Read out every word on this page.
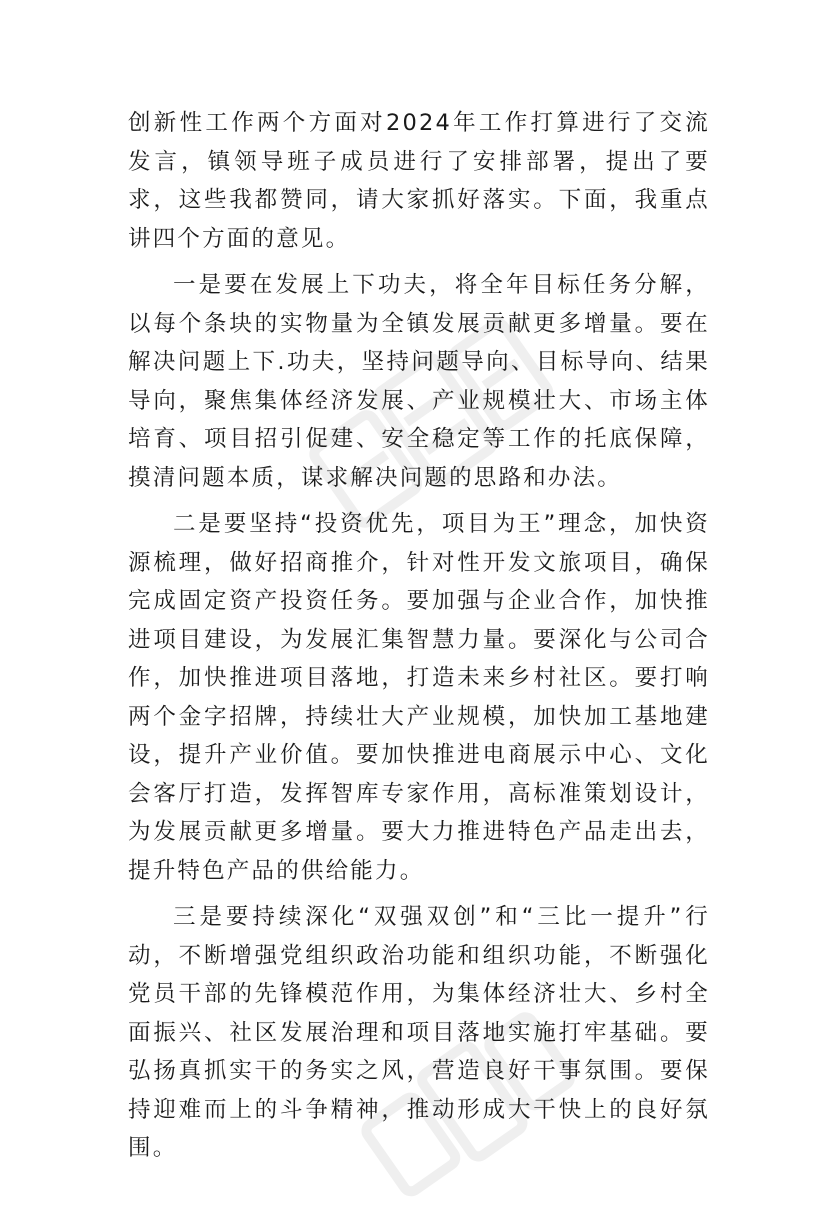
创新性工作两个方面对2024年工作打算进行了交流发言，镇领导班子成员进行了安排部署，提出了要求，这些我都赞同，请大家抓好落实。下面，我重点讲四个方面的意见。

一是要在发展上下功夫，将全年目标任务分解，以每个条块的实物量为全镇发展贡献更多增量。要在解决问题上下.功夫，坚持问题导向、目标导向、结果导向，聚焦集体经济发展、产业规模壮大、市场主体培育、项目招引促建、安全稳定等工作的托底保障，摸清问题本质，谋求解决问题的思路和办法。

二是要坚持“投资优先，项目为王”理念，加快资源梳理，做好招商推介，针对性开发文旅项目，确保完成固定资产投资任务。要加强与企业合作，加快推进项目建设，为发展汇集智慧力量。要深化与公司合作，加快推进项目落地，打造未来乡村社区。要打响两个金字招牌，持续壮大产业规模，加快加工基地建设，提升产业价值。要加快推进电商展示中心、文化会客厅打造，发挥智库专家作用，高标准策划设计，为发展贡献更多增量。要大力推进特色产品走出去，提升特色产品的供给能力。

三是要持续深化“双强双创”和“三比一提升”行动，不断增强党组织政治功能和组织功能，不断强化党员干部的先锋模范作用，为集体经济壮大、乡村全面振兴、社区发展治理和项目落地实施打牢基础。要弘扬真抓实干的务实之风，营造良好干事氛围。要保持迎难而上的斗争精神，推动形成大干快上的良好氛围。
